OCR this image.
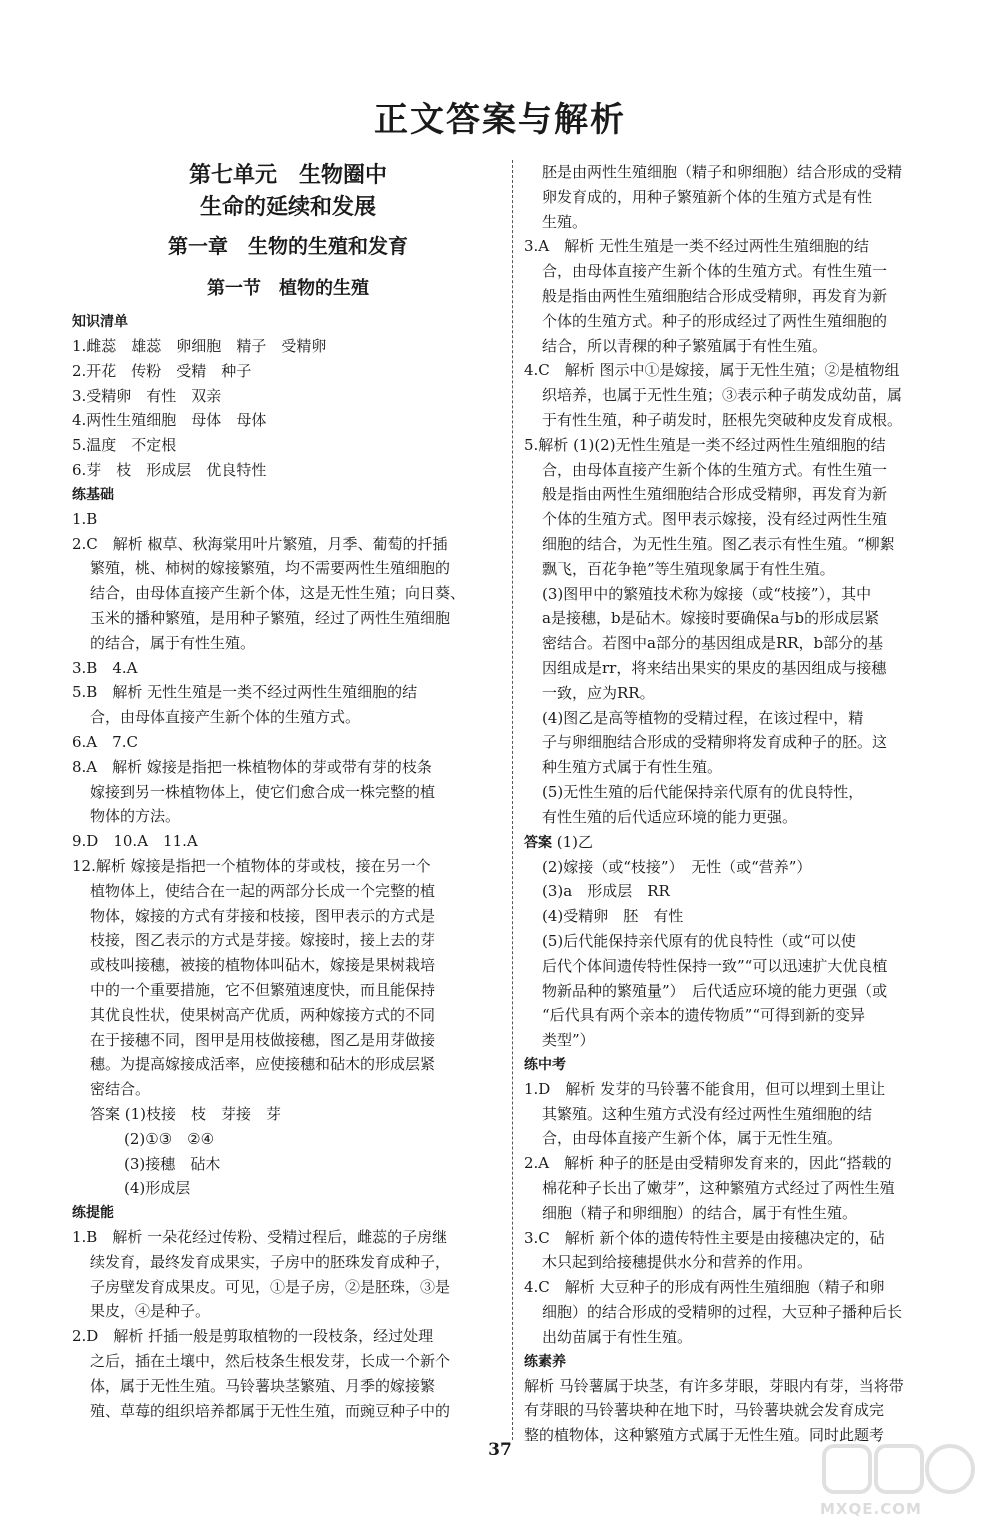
正文答案与解析
第七单元　生物圈中
生命的延续和发展
第一章　生物的生殖和发育
第一节　植物的生殖
知识清单
1.雌蕊　雄蕊　卵细胞　精子　受精卵
2.开花　传粉　受精　种子
3.受精卵　有性　双亲
4.两性生殖细胞　母体　母体
5.温度　不定根
6.芽　枝　形成层　优良特性
练基础
1.B
2.C　解析 椒草、秋海棠用叶片繁殖，月季、葡萄的扦插
繁殖，桃、柿树的嫁接繁殖，均不需要两性生殖细胞的
结合，由母体直接产生新个体，这是无性生殖；向日葵、
玉米的播种繁殖，是用种子繁殖，经过了两性生殖细胞
的结合，属于有性生殖。
3.B　4.A
5.B　解析 无性生殖是一类不经过两性生殖细胞的结
合，由母体直接产生新个体的生殖方式。
6.A　7.C
8.A　解析 嫁接是指把一株植物体的芽或带有芽的枝条
嫁接到另一株植物体上，使它们愈合成一株完整的植
物体的方法。
9.D　10.A　11.A
12.解析 嫁接是指把一个植物体的芽或枝，接在另一个
植物体上，使结合在一起的两部分长成一个完整的植
物体，嫁接的方式有芽接和枝接，图甲表示的方式是
枝接，图乙表示的方式是芽接。嫁接时，接上去的芽
或枝叫接穗，被接的植物体叫砧木，嫁接是果树栽培
中的一个重要措施，它不但繁殖速度快，而且能保持
其优良性状，使果树高产优质，两种嫁接方式的不同
在于接穗不同，图甲是用枝做接穗，图乙是用芽做接
穗。为提高嫁接成活率，应使接穗和砧木的形成层紧
密结合。
答案 (1)枝接　枝　芽接　芽
(2)①③　②④
(3)接穗　砧木
(4)形成层
练提能
1.B　解析 一朵花经过传粉、受精过程后，雌蕊的子房继
续发育，最终发育成果实，子房中的胚珠发育成种子，
子房壁发育成果皮。可见，①是子房，②是胚珠，③是
果皮，④是种子。
2.D　解析 扦插一般是剪取植物的一段枝条，经过处理
之后，插在土壤中，然后枝条生根发芽，长成一个新个
体，属于无性生殖。马铃薯块茎繁殖、月季的嫁接繁
殖、草莓的组织培养都属于无性生殖，而豌豆种子中的
胚是由两性生殖细胞（精子和卵细胞）结合形成的受精
卵发育成的，用种子繁殖新个体的生殖方式是有性
生殖。
3.A　解析 无性生殖是一类不经过两性生殖细胞的结
合，由母体直接产生新个体的生殖方式。有性生殖一
般是指由两性生殖细胞结合形成受精卵，再发育为新
个体的生殖方式。种子的形成经过了两性生殖细胞的
结合，所以青稞的种子繁殖属于有性生殖。
4.C　解析 图示中①是嫁接，属于无性生殖；②是植物组
织培养，也属于无性生殖；③表示种子萌发成幼苗，属
于有性生殖，种子萌发时，胚根先突破种皮发育成根。
5.解析 (1)(2)无性生殖是一类不经过两性生殖细胞的结
合，由母体直接产生新个体的生殖方式。有性生殖一
般是指由两性生殖细胞结合形成受精卵，再发育为新
个体的生殖方式。图甲表示嫁接，没有经过两性生殖
细胞的结合，为无性生殖。图乙表示有性生殖。“柳絮
飘飞，百花争艳”等生殖现象属于有性生殖。
(3)图甲中的繁殖技术称为嫁接（或“枝接”），其中
a是接穗，b是砧木。嫁接时要确保a与b的形成层紧
密结合。若图中a部分的基因组成是RR，b部分的基
因组成是rr，将来结出果实的果皮的基因组成与接穗
一致，应为RR。
(4)图乙是高等植物的受精过程，在该过程中，精
子与卵细胞结合形成的受精卵将发育成种子的胚。这
种生殖方式属于有性生殖。
(5)无性生殖的后代能保持亲代原有的优良特性，
有性生殖的后代适应环境的能力更强。
答案 (1)乙
(2)嫁接（或“枝接”）　无性（或“营养”）
(3)a　形成层　RR
(4)受精卵　胚　有性
(5)后代能保持亲代原有的优良特性（或“可以使
后代个体间遗传特性保持一致”“可以迅速扩大优良植
物新品种的繁殖量”）　后代适应环境的能力更强（或
“后代具有两个亲本的遗传物质”“可得到新的变异
类型”）
练中考
1.D　解析 发芽的马铃薯不能食用，但可以埋到土里让
其繁殖。这种生殖方式没有经过两性生殖细胞的结
合，由母体直接产生新个体，属于无性生殖。
2.A　解析 种子的胚是由受精卵发育来的，因此“搭载的
棉花种子长出了嫩芽”，这种繁殖方式经过了两性生殖
细胞（精子和卵细胞）的结合，属于有性生殖。
3.C　解析 新个体的遗传特性主要是由接穗决定的，砧
木只起到给接穗提供水分和营养的作用。
4.C　解析 大豆种子的形成有两性生殖细胞（精子和卵
细胞）的结合形成的受精卵的过程，大豆种子播种后长
出幼苗属于有性生殖。
练素养
解析 马铃薯属于块茎，有许多芽眼，芽眼内有芽，当将带
有芽眼的马铃薯块种在地下时，马铃薯块就会发育成完
整的植物体，这种繁殖方式属于无性生殖。同时此题考
37
MXQE.COM
